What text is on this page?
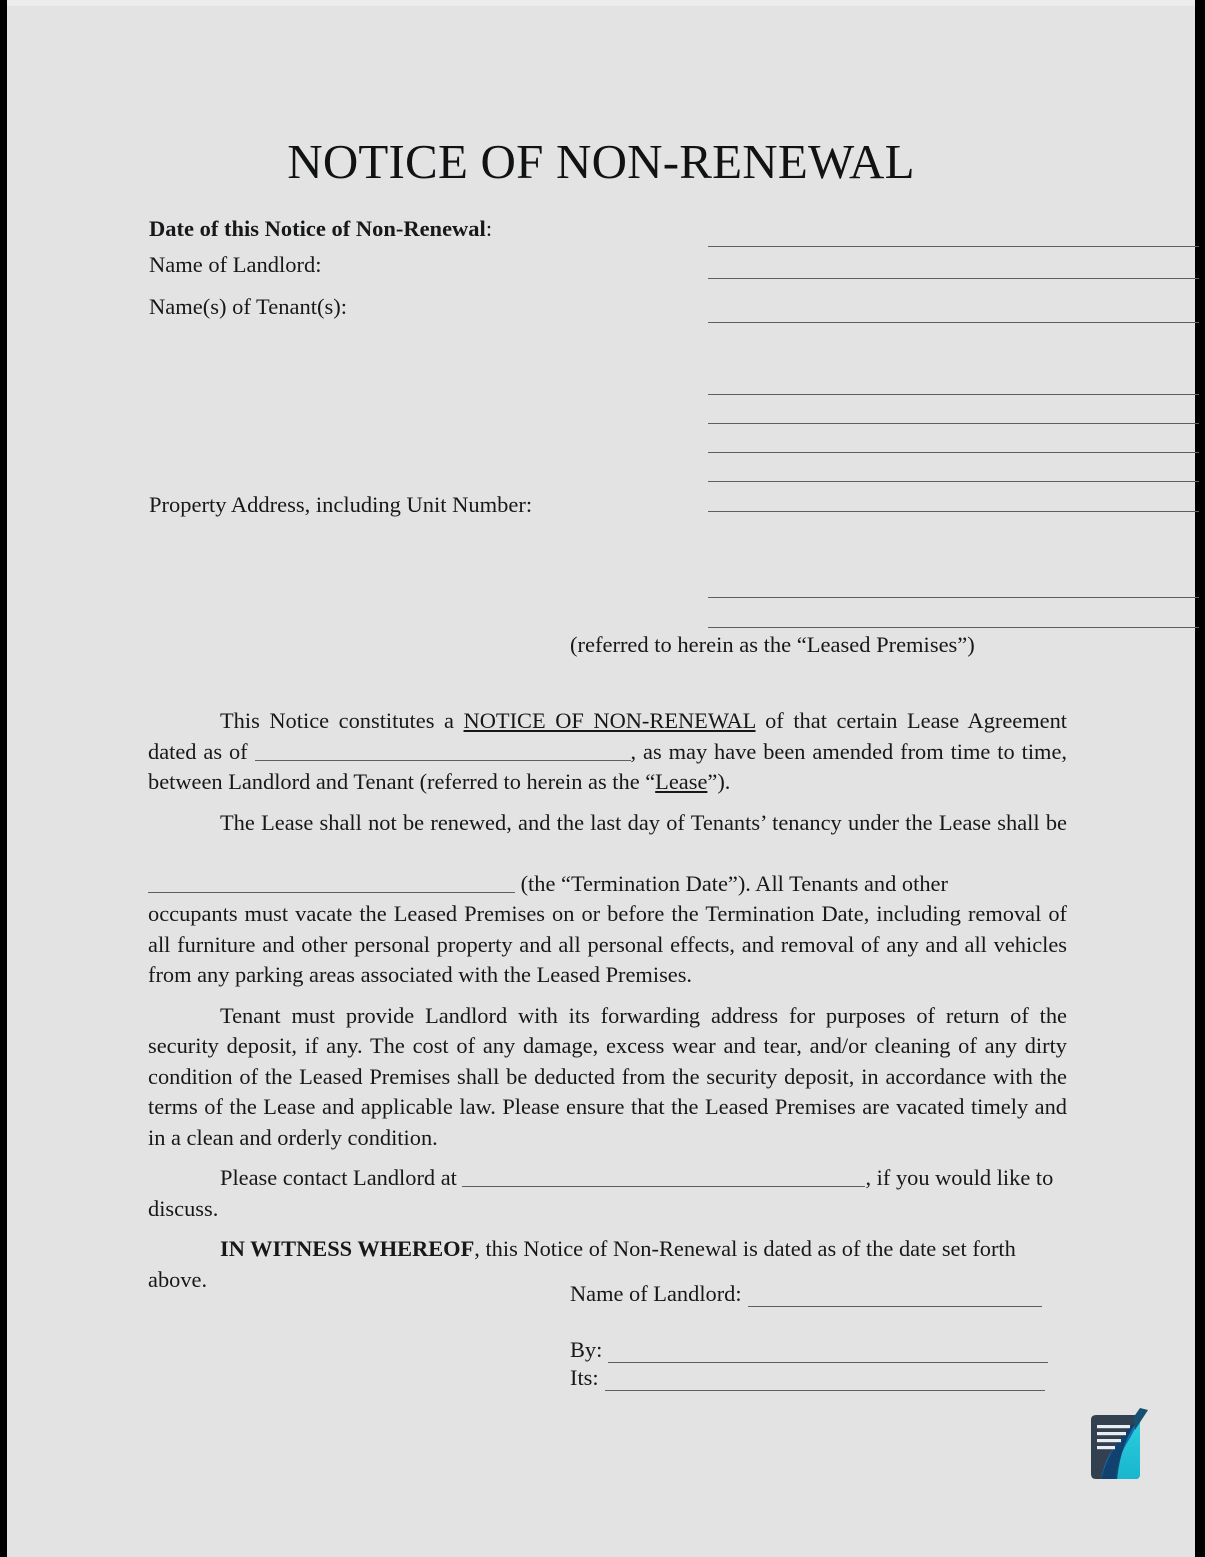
NOTICE OF NON-RENEWAL
Date of this Notice of Non-Renewal:
Name of Landlord:
Name(s) of Tenant(s):
Property Address, including Unit Number:
(referred to herein as the “Leased Premises”)

This Notice constitutes a NOTICE OF NON-RENEWAL of that certain Lease Agreement dated as of	, as may have been amended from time to time, between Landlord and Tenant (referred to herein as the “Lease”).

The Lease shall not be renewed, and the last day of Tenants’ tenancy under the Lease shall be
(the “Termination Date”). All Tenants and other
occupants must vacate the Leased Premises on or before the Termination Date, including removal of all furniture and other personal property and all personal effects, and removal of any and all vehicles from any parking areas associated with the Leased Premises.

Tenant must provide Landlord with its forwarding address for purposes of return of the security deposit, if any. The cost of any damage, excess wear and tear, and/or cleaning of any dirty condition of the Leased Premises shall be deducted from the security deposit, in accordance with the terms of the Lease and applicable law. Please ensure that the Leased Premises are vacated timely and in a clean and orderly condition.

Please contact Landlord at	, if you would like to discuss.

IN WITNESS WHEREOF, this Notice of Non-Renewal is dated as of the date set forth above.

Name of Landlord:
By:
Its:
